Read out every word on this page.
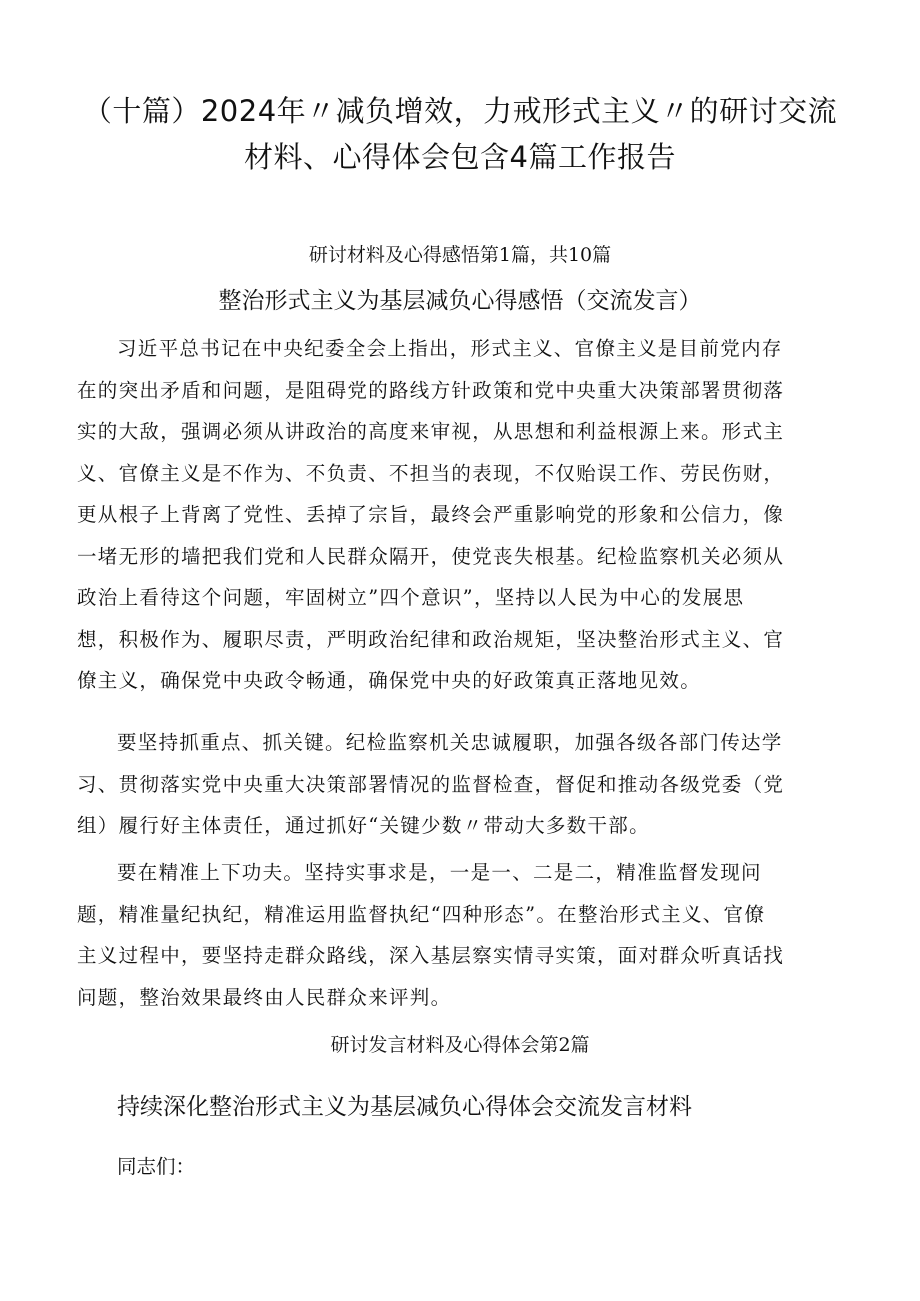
（十篇）2024年〃减负增效，力戒形式主义〃的研讨交流
材料、心得体会包含4篇工作报告
研讨材料及心得感悟第1篇，共10篇
整治形式主义为基层减负心得感悟（交流发言）
习近平总书记在中央纪委全会上指出，形式主义、官僚主义是目前党内存
在的突出矛盾和问题，是阻碍党的路线方针政策和党中央重大决策部署贯彻落
实的大敌，强调必须从讲政治的高度来审视，从思想和利益根源上来。形式主
义、官僚主义是不作为、不负责、不担当的表现，不仅贻误工作、劳民伤财，
更从根子上背离了党性、丢掉了宗旨，最终会严重影响党的形象和公信力，像
一堵无形的墙把我们党和人民群众隔开，使党丧失根基。纪检监察机关必须从
政治上看待这个问题，牢固树立”四个意识”，坚持以人民为中心的发展思
想，积极作为、履职尽责，严明政治纪律和政治规矩，坚决整治形式主义、官
僚主义，确保党中央政令畅通，确保党中央的好政策真正落地见效。
要坚持抓重点、抓关键。纪检监察机关忠诚履职，加强各级各部门传达学
习、贯彻落实党中央重大决策部署情况的监督检查，督促和推动各级党委（党
组）履行好主体责任，通过抓好“关键少数〃带动大多数干部。
要在精准上下功夫。坚持实事求是，一是一、二是二，精准监督发现问
题，精准量纪执纪，精准运用监督执纪“四种形态”。在整治形式主义、官僚
主义过程中，要坚持走群众路线，深入基层察实情寻实策，面对群众听真话找
问题，整治效果最终由人民群众来评判。
研讨发言材料及心得体会第2篇
持续深化整治形式主义为基层减负心得体会交流发言材料
同志们：
